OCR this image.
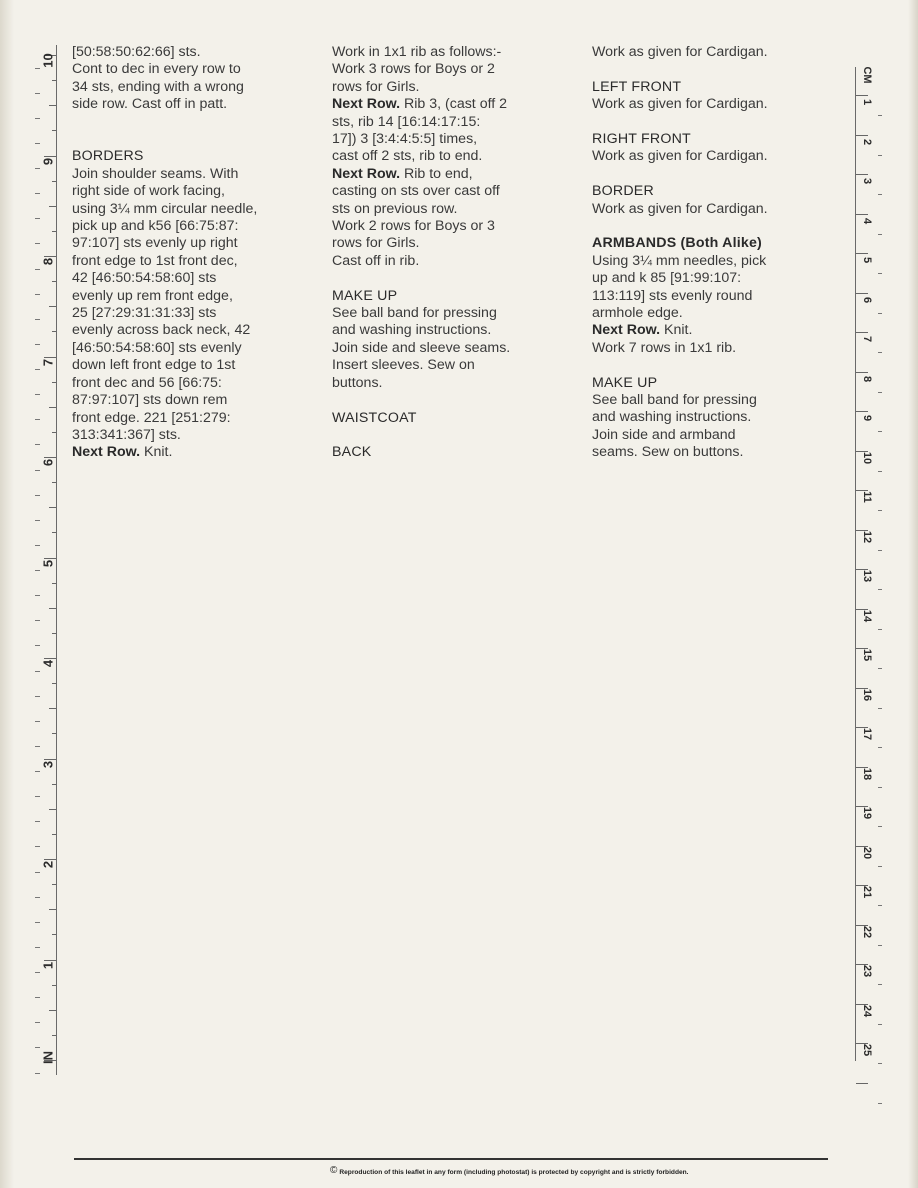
10
9
8
7
6
5
4
3
2
1
IN
CM
1
2
3
4
5
6
7
8
9
10
11
12
13
14
15
16
17
18
19
20
21
22
23
24
25

[50:58:50:62:66] sts.

Cont to dec in every row to

34 sts, ending with a wrong

side row. Cast off in patt.

BORDERS

Join shoulder seams. With

right side of work facing,

using 3¼ mm circular needle,

pick up and k56 [66:75:87:

97:107] sts evenly up right

front edge to 1st front dec,

42 [46:50:54:58:60] sts

evenly up rem front edge,

25 [27:29:31:31:33] sts

evenly across back neck, 42

[46:50:54:58:60] sts evenly

down left front edge to 1st

front dec and 56 [66:75:

87:97:107] sts down rem

front edge. 221 [251:279:

313:341:367] sts.

Next Row. Knit.

Work in 1x1 rib as follows:-

Work 3 rows for Boys or 2

rows for Girls.

Next Row. Rib 3, (cast off 2

sts, rib 14 [16:14:17:15:

17]) 3 [3:4:4:5:5] times,

cast off 2 sts, rib to end.

Next Row. Rib to end,

casting on sts over cast off

sts on previous row.

Work 2 rows for Boys or 3

rows for Girls.

Cast off in rib.

MAKE UP

See ball band for pressing

and washing instructions.

Join side and sleeve seams.

Insert sleeves. Sew on

buttons.

WAISTCOAT

BACK

Work as given for Cardigan.

LEFT FRONT

Work as given for Cardigan.

RIGHT FRONT

Work as given for Cardigan.

BORDER

Work as given for Cardigan.

ARMBANDS (Both Alike)

Using 3¼ mm needles, pick

up and k 85 [91:99:107:

113:119] sts evenly round

armhole edge.

Next Row. Knit.

Work 7 rows in 1x1 rib.

MAKE UP

See ball band for pressing

and washing instructions.

Join side and armband

seams. Sew on buttons.

© Reproduction of this leaflet in any form (including photostat) is protected by copyright and is strictly forbidden.
